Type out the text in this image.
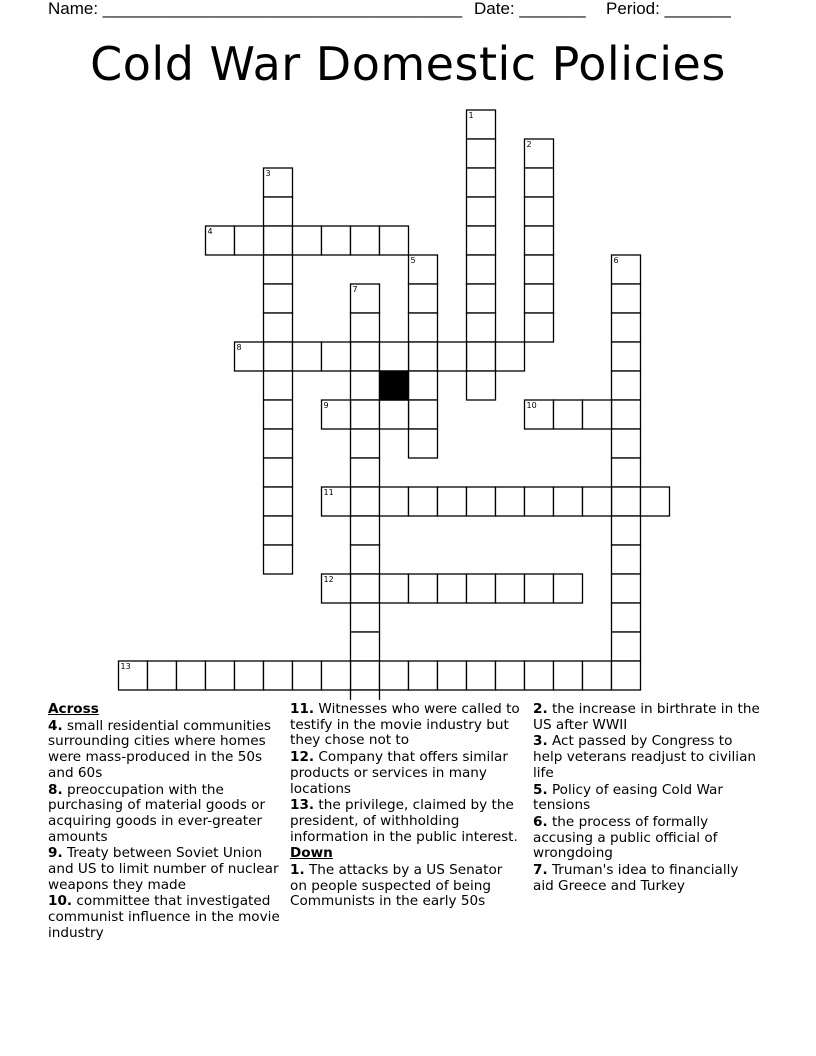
Name: ______________________________________ Date: _______ Period: _______
Cold War Domestic Policies
1
2
3
4
5	6
7
8
9	10
11
12
13
Across
4. small residential communities surrounding cities where homes were mass-produced in the 50s and 60s
8. preoccupation with the purchasing of material goods or acquiring goods in ever-greater amounts
9. Treaty between Soviet Union and US to limit number of nuclear weapons they made
10. committee that investigated communist influence in the movie industry
11. Witnesses who were called to testify in the movie industry but they chose not to
12. Company that offers similar products or services in many locations
13. the privilege, claimed by the president, of withholding information in the public interest.
Down
1. The attacks by a US Senator on people suspected of being Communists in the early 50s
2. the increase in birthrate in the US after WWII
3. Act passed by Congress to help veterans readjust to civilian life
5. Policy of easing Cold War tensions
6. the process of formally accusing a public official of wrongdoing
7. Truman's idea to financially aid Greece and Turkey
